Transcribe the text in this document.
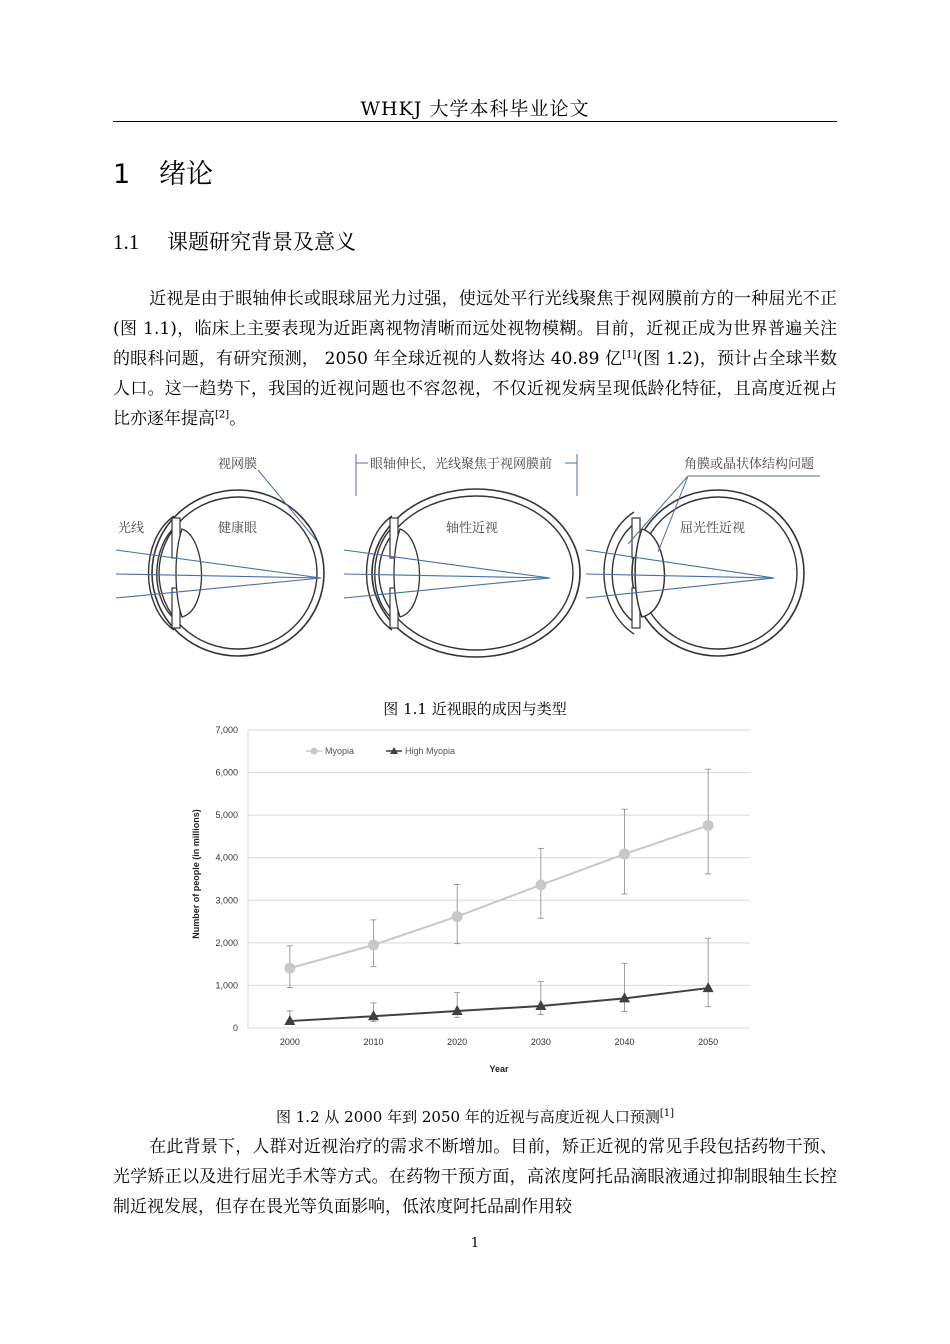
WHKJ 大学本科毕业论文
1 绪论
1.1 课题研究背景及意义
近视是由于眼轴伸长或眼球屈光力过强，使远处平行光线聚焦于视网膜前方的一种屈光不正(图 1.1)，临床上主要表现为近距离视物清晰而远处视物模糊。目前，近视正成为世界普遍关注的眼科问题，有研究预测， 2050 年全球近视的人数将达 40.89 亿[1](图 1.2)，预计占全球半数人口。这一趋势下，我国的近视问题也不容忽视，不仅近视发病呈现低龄化特征，且高度近视占比亦逐年提高[2]。
视网膜	眼轴伸长，光线聚焦于视网膜前	角膜或晶状体结构问题
光线	健康眼	轴性近视	屈光性近视
图 1.1 近视眼的成因与类型
0
1,000
2,000
3,000
4,000
5,000
6,000
7,000
2000	2010	2020	2030	2040	2050
Myopia	High Myopia
Number of people (in millions)
Year
图 1.2 从 2000 年到 2050 年的近视与高度近视人口预测[1]
在此背景下，人群对近视治疗的需求不断增加。目前，矫正近视的常见手段包括药物干预、光学矫正以及进行屈光手术等方式。在药物干预方面，高浓度阿托品滴眼液通过抑制眼轴生长控制近视发展，但存在畏光等负面影响，低浓度阿托品副作用较
1
